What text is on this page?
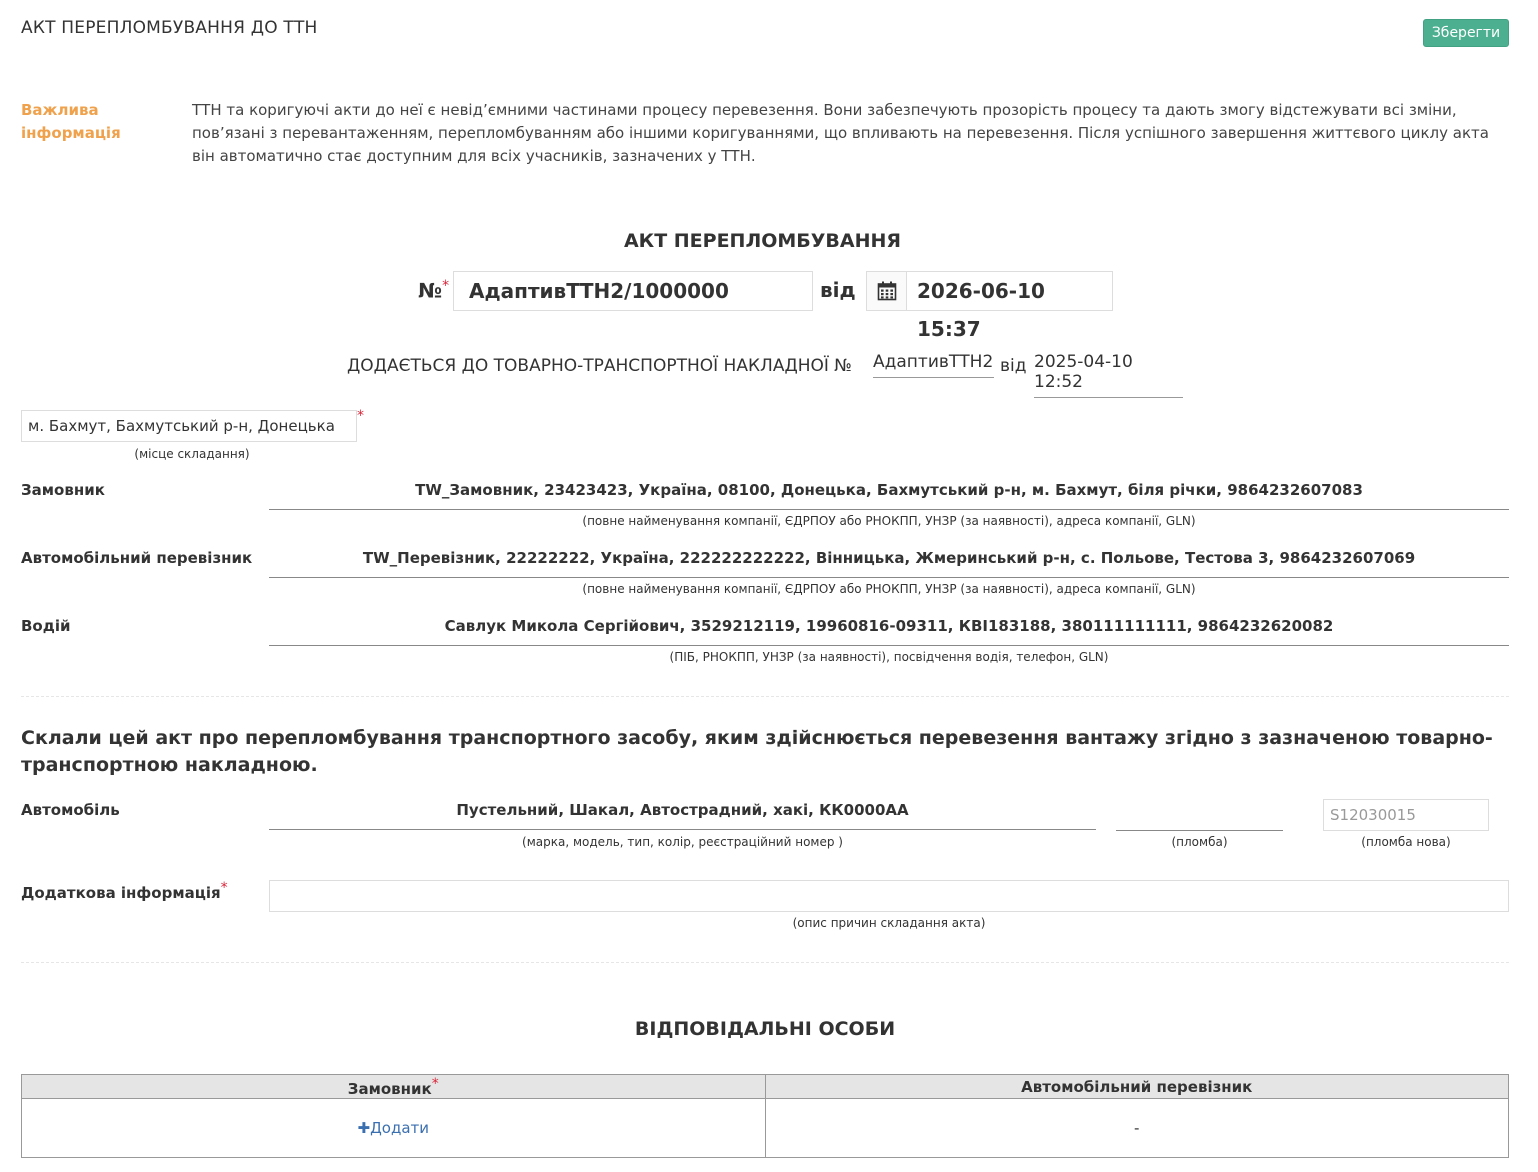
АКТ ПЕРЕПЛОМБУВАННЯ ДО ТТН	Зберегти
Важлива інформація
ТТН та коригуючі акти до неї є невід’ємними частинами процесу перевезення. Вони забезпечують прозорість процесу та дають змогу відстежувати всі зміни, пов’язані з перевантаженням, перепломбуванням або іншими коригуваннями, що впливають на перевезення. Після успішного завершення життєвого циклу акта він автоматично стає доступним для всіх учасників, зазначених у ТТН.
АКТ ПЕРЕПЛОМБУВАННЯ
№*
АдаптивТТН2/1000000	від	2026-06-10 15:37
ДОДАЄТЬСЯ ДО ТОВАРНО-ТРАНСПОРТНОЇ НАКЛАДНОЇ № АдаптивТТН2 від 2025-04-10 12:52
м. Бахмут, Бахмутський р-н, Донецька
*
(місце складання)
Замовник	TW_Замовник, 23423423, Україна, 08100, Донецька, Бахмутський р-н, м. Бахмут, біля річки, 9864232607083
(повне найменування компанії, ЄДРПОУ або РНОКПП, УНЗР (за наявності), адреса компанії, GLN)
Автомобільний перевізник	TW_Перевізник, 22222222, Україна, 222222222222, Вінницька, Жмеринський р-н, с. Польове, Тестова 3, 9864232607069
(повне найменування компанії, ЄДРПОУ або РНОКПП, УНЗР (за наявності), адреса компанії, GLN)
Водій	Савлук Микола Сергійович, 3529212119, 19960816-09311, КВІ183188, 380111111111, 9864232620082
(ПІБ, РНОКПП, УНЗР (за наявності), посвідчення водія, телефон, GLN)
Склали цей акт про перепломбування транспортного засобу, яким здійснюється перевезення вантажу згідно з зазначеною товарно-транспортною накладною.
Автомобіль	Пустельний, Шакал, Автострадний, хакі, КК0000АА
(марка, модель, тип, колір, реєстраційний номер )	(пломба)
S12030015	(пломба нова)
Додаткова інформація*
(опис причин складання акта)
ВІДПОВІДАЛЬНІ ОСОБИ
Замовник*	Автомобільний перевізник
✚Додати	-
